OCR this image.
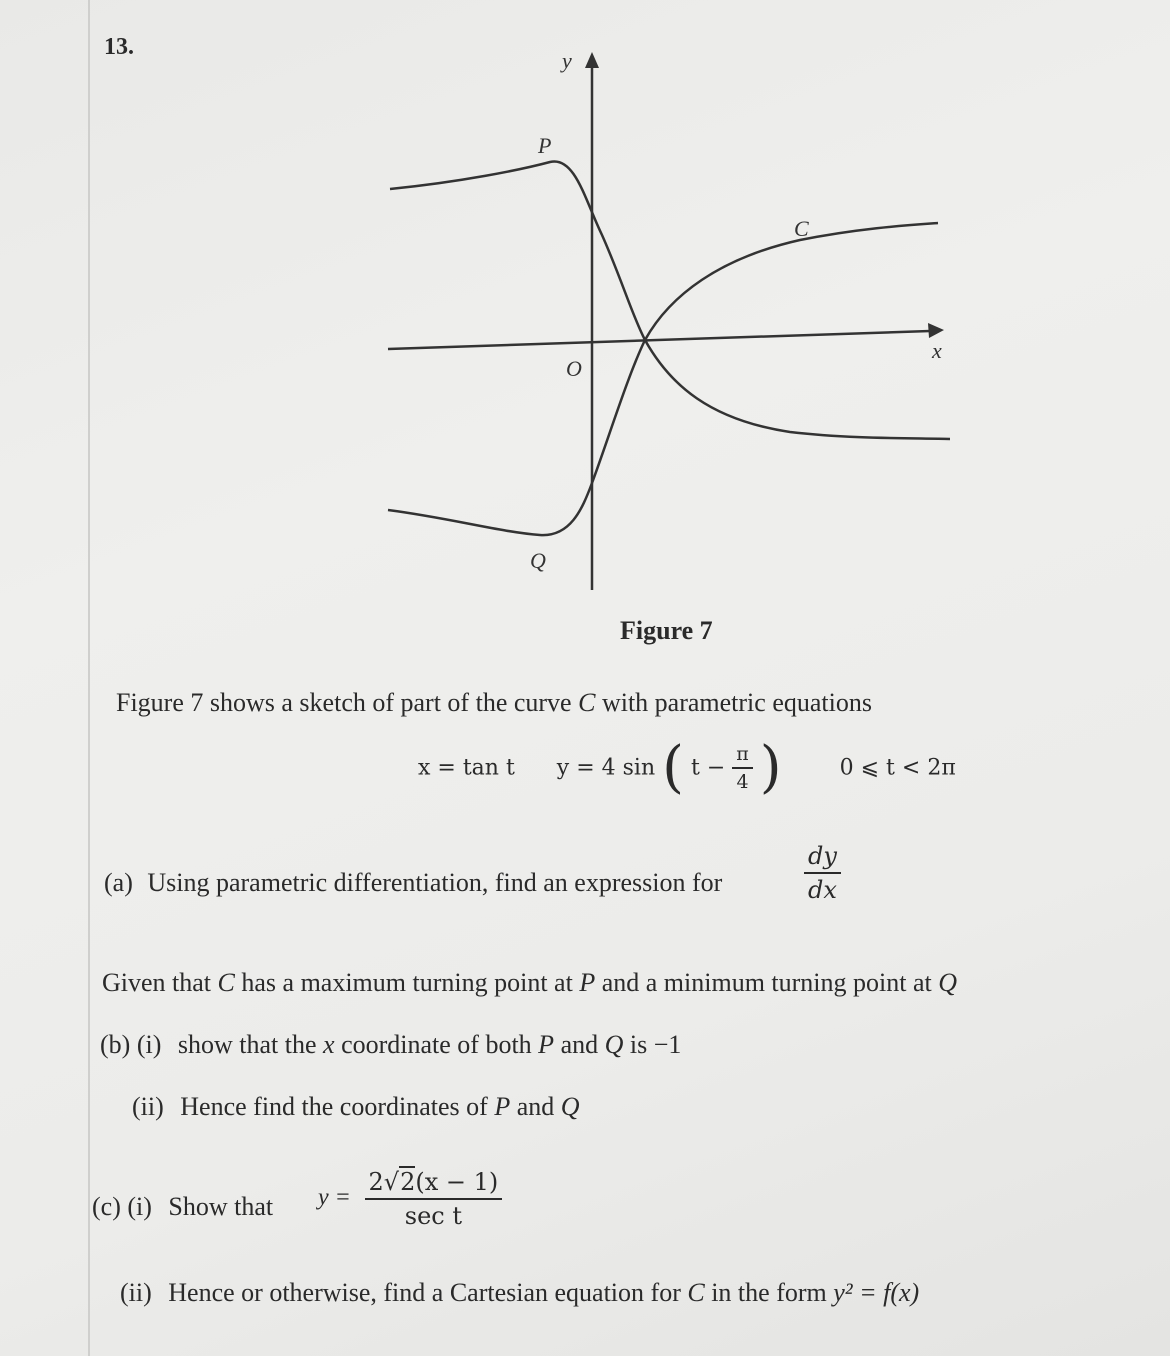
13.
y
x
O
C
P
Q
Figure 7
Figure 7 shows a sketch of part of the curve C with parametric equations
x = tan t y = 4 sin ( $t - \frac{\pi}{4}$ )	0 ⩽ t < 2π
(a) Using parametric differentiation, find an expression for	$\frac{dy}{dx}$
Given that C has a maximum turning point at P and a minimum turning point at Q
(b) (i) show that the x coordinate of both P and Q is −1
(ii) Hence find the coordinates of P and Q
(c) (i) Show that $y = \frac{2√2(x - 1)}{\text{sec t}}$
(ii) Hence or otherwise, find a Cartesian equation for C in the form y² = f(x)
